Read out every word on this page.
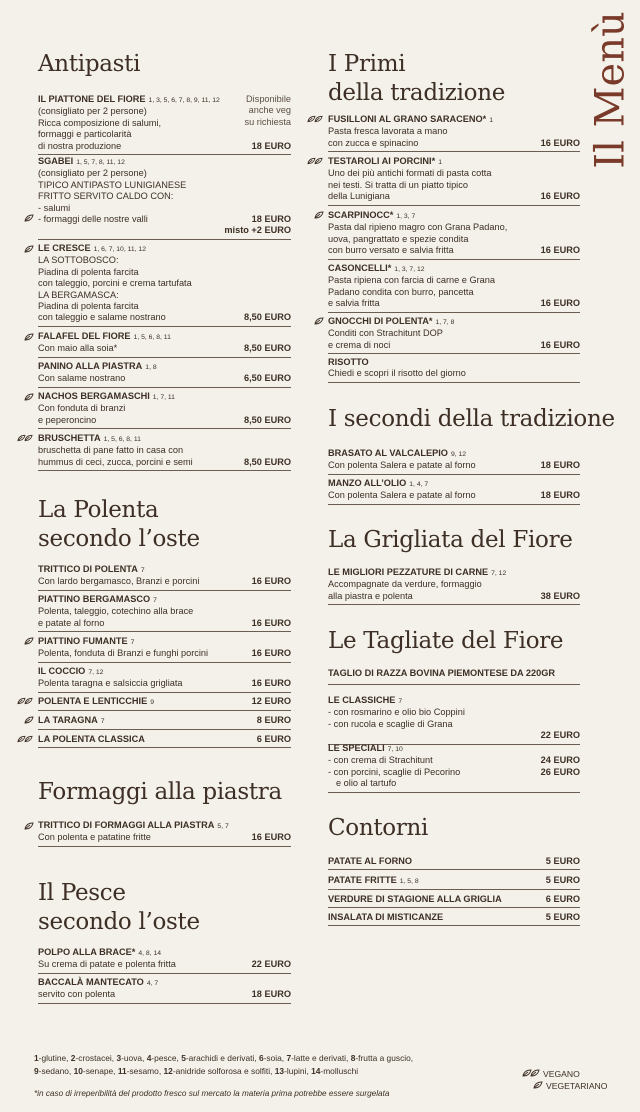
Il Menù
Antipasti
IL PIATTONE DEL FIORE 1, 3, 5, 6, 7, 8, 9, 11, 12
(consigliato per 2 persone)
Ricca composizione di salumi,
formaggi e particolarità
di nostra produzione	18 EURO
Disponibile
anche veg
su richiesta
SGABEI 1, 5, 7, 8, 11, 12
(consigliato per 2 persone)
TIPICO ANTIPASTO LUNIGIANESE
FRITTO SERVITO CALDO CON:
- salumi
- formaggi delle nostre valli	18 EURO
misto +2 EURO
LE CRESCE 1, 6, 7, 10, 11, 12
LA SOTTOBOSCO:
Piadina di polenta farcita
con taleggio, porcini e crema tartufata
LA BERGAMASCA:
Piadina di polenta farcita
con taleggio e salame nostrano	8,50 EURO
FALAFEL DEL FIORE 1, 5, 6, 8, 11
Con maio alla soia*	8,50 EURO
PANINO ALLA PIASTRA 1, 8
Con salame nostrano	6,50 EURO
NACHOS BERGAMASCHI 1, 7, 11
Con fonduta di branzi
e peperoncino	8,50 EURO
BRUSCHETTA 1, 5, 6, 8, 11
bruschetta di pane fatto in casa con
hummus di ceci, zucca, porcini e semi	8,50 EURO
La Polenta
secondo l’oste
TRITTICO DI POLENTA 7
Con lardo bergamasco, Branzi e porcini	16 EURO
PIATTINO BERGAMASCO 7
Polenta, taleggio, cotechino alla brace
e patate al forno	16 EURO
PIATTINO FUMANTE 7
Polenta, fonduta di Branzi e funghi porcini	16 EURO
IL COCCIO 7, 12
Polenta taragna e salsiccia grigliata	16 EURO
POLENTA E LENTICCHIE 9	12 EURO
LA TARAGNA 7	8 EURO
LA POLENTA CLASSICA	6 EURO
Formaggi alla piastra
TRITTICO DI FORMAGGI ALLA PIASTRA 5, 7
Con polenta e patatine fritte	16 EURO
Il Pesce
secondo l’oste
POLPO ALLA BRACE* 4, 8, 14
Su crema di patate e polenta fritta	22 EURO
BACCALÀ MANTECATO 4, 7
servito con polenta	18 EURO
I Primi
della tradizione
FUSILLONI AL GRANO SARACENO* 1
Pasta fresca lavorata a mano
con zucca e spinacino	16 EURO
TESTAROLI AI PORCINI* 1
Uno dei più antichi formati di pasta cotta
nei testi. Si tratta di un piatto tipico
della Lunigiana	16 EURO
SCARPINOCC* 1, 3, 7
Pasta dal ripieno magro con Grana Padano,
uova, pangrattato e spezie condita
con burro versato e salvia fritta	16 EURO
CASONCELLI* 1, 3, 7, 12
Pasta ripiena con farcia di carne e Grana
Padano condita con burro, pancetta
e salvia fritta	16 EURO
GNOCCHI DI POLENTA* 1, 7, 8
Conditi con Strachitunt DOP
e crema di noci	16 EURO
RISOTTO
Chiedi e scopri il risotto del giorno
I secondi della tradizione
BRASATO AL VALCALEPIO 9, 12
Con polenta Salera e patate al forno	18 EURO
MANZO ALL’OLIO 1, 4, 7
Con polenta Salera e patate al forno	18 EURO
La Grigliata del Fiore
LE MIGLIORI PEZZATURE DI CARNE 7, 12
Accompagnate da verdure, formaggio
alla piastra e polenta	38 EURO
Le Tagliate del Fiore
TAGLIO DI RAZZA BOVINA PIEMONTESE DA 220GR
LE CLASSICHE 7
- con rosmarino e olio bio Coppini
- con rucola e scaglie di Grana
22 EURO
LE SPECIALI 7, 10
- con crema di Strachitunt	24 EURO
- con porcini, scaglie di Pecorino	26 EURO
e olio al tartufo
Contorni
PATATE AL FORNO	5 EURO
PATATE FRITTE 1, 5, 8	5 EURO
VERDURE DI STAGIONE ALLA GRIGLIA	6 EURO
INSALATA DI MISTICANZE	5 EURO
1-glutine, 2-crostacei, 3-uova, 4-pesce, 5-arachidi e derivati, 6-soia, 7-latte e derivati, 8-frutta a guscio,
9-sedano, 10-senape, 11-sesamo, 12-anidride solforosa e solfiti, 13-lupini, 14-molluschi
*in caso di irreperibilità del prodotto fresco sul mercato la materia prima potrebbe essere surgelata
VEGANO
VEGETARIANO
